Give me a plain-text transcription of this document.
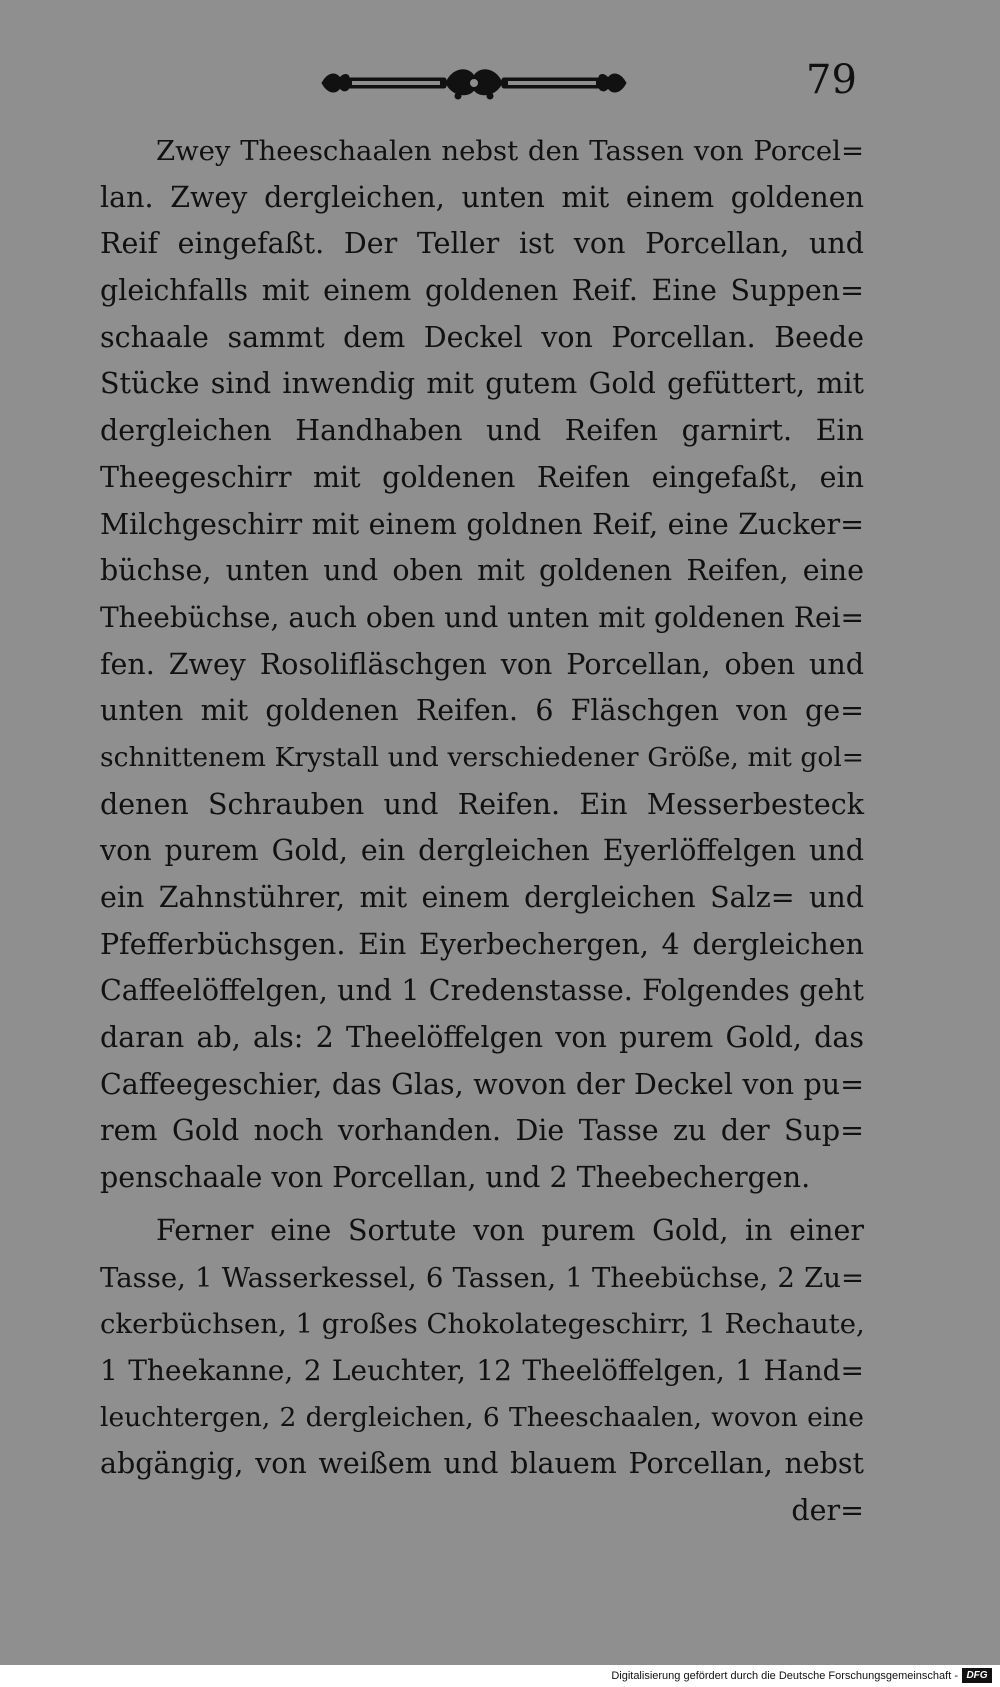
79

Zwey Theeschaalen nebst den Tassen von Porcel=
lan. Zwey dergleichen, unten mit einem goldenen
Reif eingefaßt. Der Teller ist von Porcellan, und
gleichfalls mit einem goldenen Reif. Eine Suppen=
schaale sammt dem Deckel von Porcellan. Beede
Stücke sind inwendig mit gutem Gold gefüttert, mit
dergleichen Handhaben und Reifen garnirt. Ein
Theegeschirr mit goldenen Reifen eingefaßt, ein
Milchgeschirr mit einem goldnen Reif, eine Zucker=
büchse, unten und oben mit goldenen Reifen, eine
Theebüchse, auch oben und unten mit goldenen Rei=
fen. Zwey Rosolifläschgen von Porcellan, oben und
unten mit goldenen Reifen. 6 Fläschgen von ge=
schnittenem Krystall und verschiedener Größe, mit gol=
denen Schrauben und Reifen. Ein Messerbesteck
von purem Gold, ein dergleichen Eyerlöffelgen und
ein Zahnstührer, mit einem dergleichen Salz= und
Pfefferbüchsgen. Ein Eyerbechergen, 4 dergleichen
Caffeelöffelgen, und 1 Credenstasse. Folgendes geht
daran ab, als: 2 Theelöffelgen von purem Gold, das
Caffeegeschier, das Glas, wovon der Deckel von pu=
rem Gold noch vorhanden. Die Tasse zu der Sup=
penschaale von Porcellan, und 2 Theebechergen.

Ferner eine Sortute von purem Gold, in einer
Tasse, 1 Wasserkessel, 6 Tassen, 1 Theebüchse, 2 Zu=
ckerbüchsen, 1 großes Chokolategeschirr, 1 Rechaute,
1 Theekanne, 2 Leuchter, 12 Theelöffelgen, 1 Hand=
leuchtergen, 2 dergleichen, 6 Theeschaalen, wovon eine
abgängig, von weißem und blauem Porcellan, nebst

der=
Digitalisierung gefördert durch die Deutsche Forschungsgemeinschaft - DFG
